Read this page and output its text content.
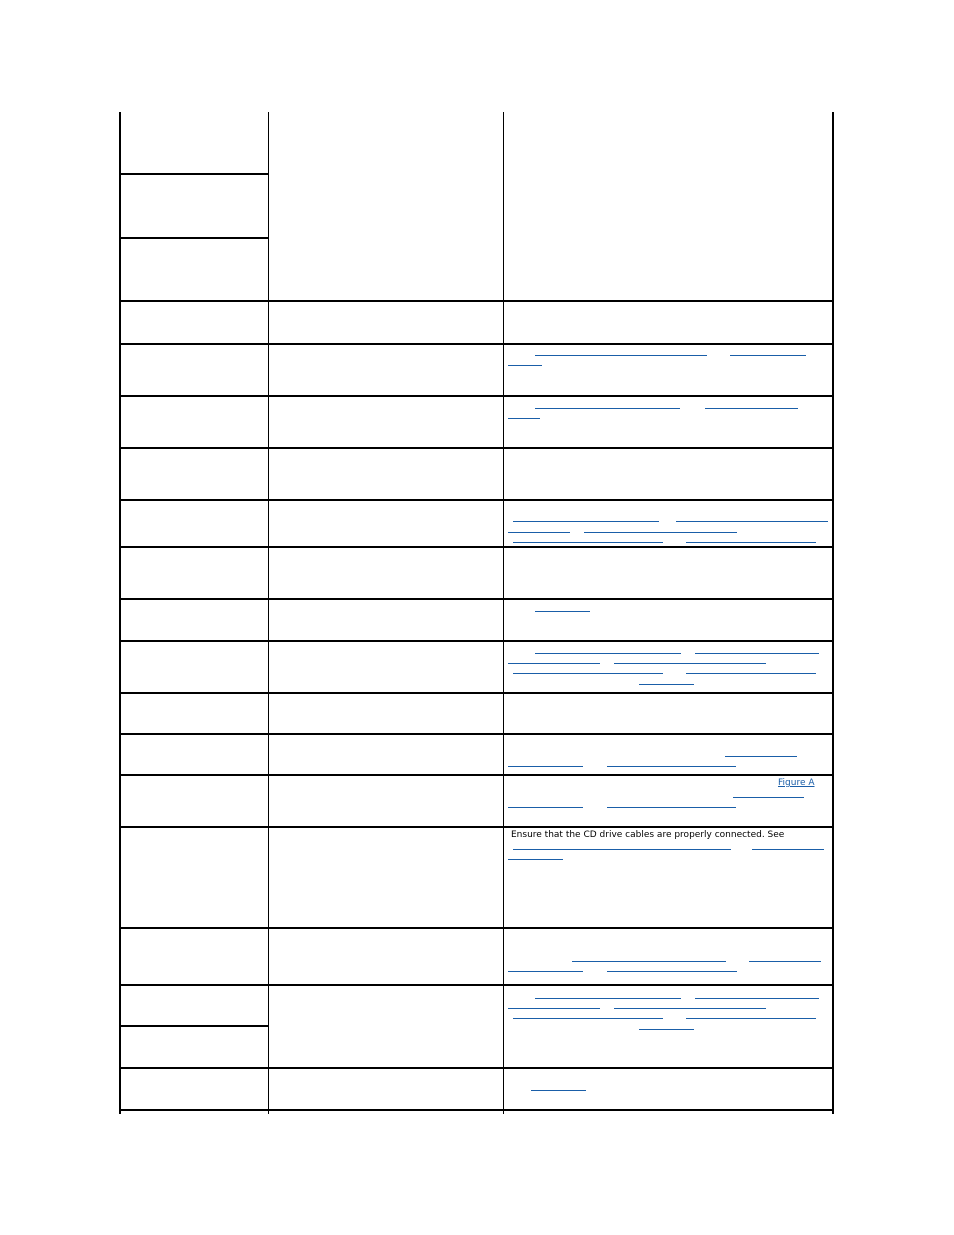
Figure A
Ensure that the CD drive cables are properly connected. See
